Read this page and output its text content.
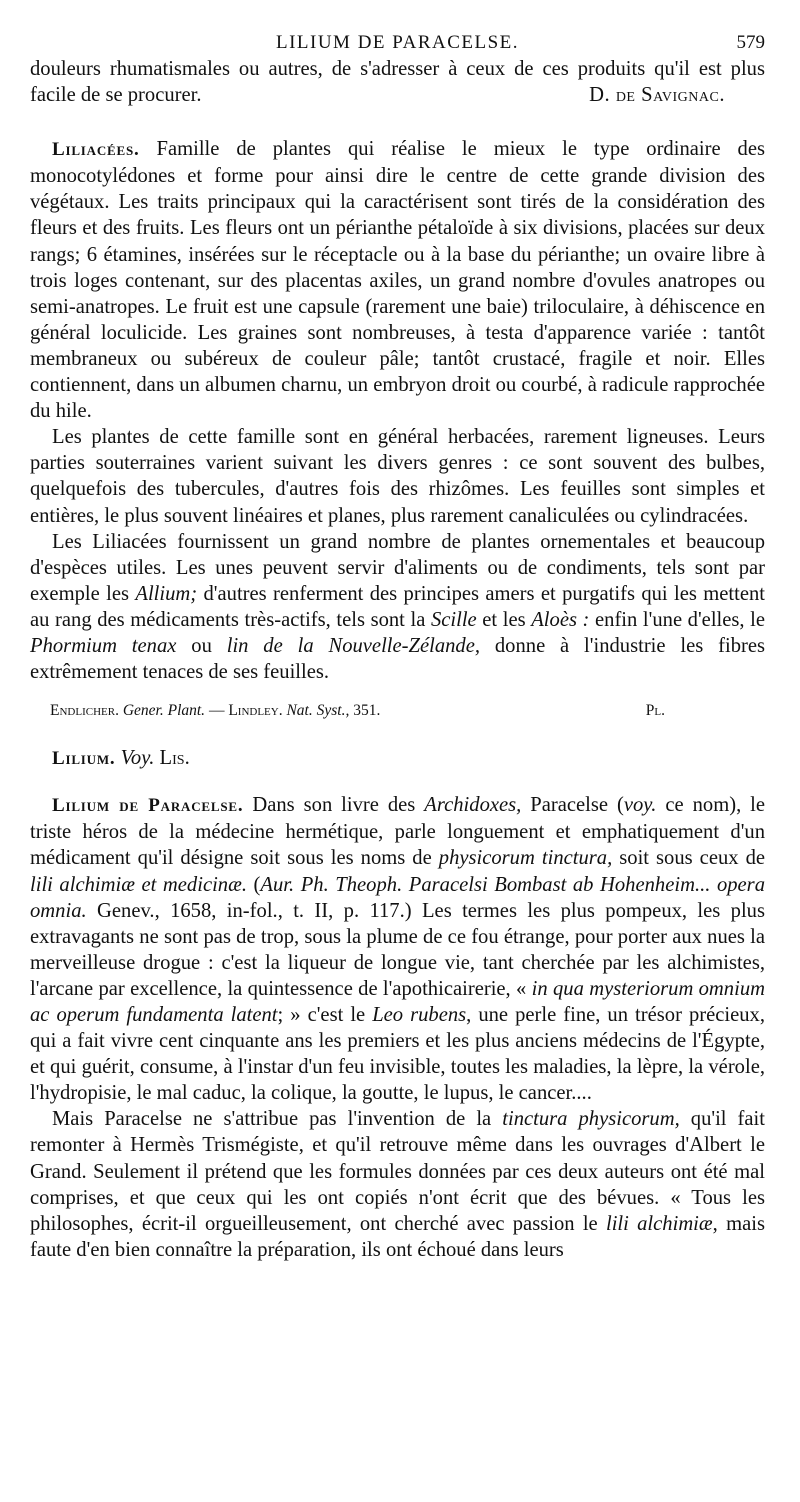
LILIUM DE PARACELSE.	579

douleurs rhumatismales ou autres, de s'adresser à ceux de ces produits qu'il est plus facile de se procurer.	D. de Savignac.

Liliacées. Famille de plantes qui réalise le mieux le type ordinaire des monocotylédones et forme pour ainsi dire le centre de cette grande division des végétaux. Les traits principaux qui la caractérisent sont tirés de la considération des fleurs et des fruits. Les fleurs ont un périanthe pétaloïde à six divisions, placées sur deux rangs; 6 étamines, insérées sur le réceptacle ou à la base du périanthe; un ovaire libre à trois loges contenant, sur des placentas axiles, un grand nombre d'ovules anatropes ou semi-anatropes. Le fruit est une capsule (rarement une baie) triloculaire, à déhiscence en général loculicide. Les graines sont nombreuses, à testa d'apparence variée : tantôt membraneux ou subéreux de couleur pâle; tantôt crustacé, fragile et noir. Elles contiennent, dans un albumen charnu, un embryon droit ou courbé, à radicule rapprochée du hile.

Les plantes de cette famille sont en général herbacées, rarement ligneuses. Leurs parties souterraines varient suivant les divers genres : ce sont souvent des bulbes, quelquefois des tubercules, d'autres fois des rhizômes. Les feuilles sont simples et entières, le plus souvent linéaires et planes, plus rarement canaliculées ou cylindracées.

Les Liliacées fournissent un grand nombre de plantes ornementales et beaucoup d'espèces utiles. Les unes peuvent servir d'aliments ou de condiments, tels sont par exemple les Allium; d'autres renferment des principes amers et purgatifs qui les mettent au rang des médicaments très-actifs, tels sont la Scille et les Aloès : enfin l'une d'elles, le Phormium tenax ou lin de la Nouvelle-Zélande, donne à l'industrie les fibres extrêmement tenaces de ses feuilles.

Endlicher. Gener. Plant. — Lindley. Nat. Syst., 351.	Pl.

Lilium. Voy. Lis.

Lilium de Paracelse. Dans son livre des Archidoxes, Paracelse (voy. ce nom), le triste héros de la médecine hermétique, parle longuement et emphatiquement d'un médicament qu'il désigne soit sous les noms de physicorum tinctura, soit sous ceux de lili alchimiæ et medicinæ. (Aur. Ph. Theoph. Paracelsi Bombast ab Hohenheim... opera omnia. Genev., 1658, in-fol., t. II, p. 117.) Les termes les plus pompeux, les plus extravagants ne sont pas de trop, sous la plume de ce fou étrange, pour porter aux nues la merveilleuse drogue : c'est la liqueur de longue vie, tant cherchée par les alchimistes, l'arcane par excellence, la quintessence de l'apothicairerie, « in qua mysteriorum omnium ac operum fundamenta latent; » c'est le Leo rubens, une perle fine, un trésor précieux, qui a fait vivre cent cinquante ans les premiers et les plus anciens médecins de l'Égypte, et qui guérit, consume, à l'instar d'un feu invisible, toutes les maladies, la lèpre, la vérole, l'hydropisie, le mal caduc, la colique, la goutte, le lupus, le cancer....

Mais Paracelse ne s'attribue pas l'invention de la tinctura physicorum, qu'il fait remonter à Hermès Trismégiste, et qu'il retrouve même dans les ouvrages d'Albert le Grand. Seulement il prétend que les formules données par ces deux auteurs ont été mal comprises, et que ceux qui les ont copiés n'ont écrit que des bévues. « Tous les philosophes, écrit-il orgueilleusement, ont cherché avec passion le lili alchimiæ, mais faute d'en bien connaître la préparation, ils ont échoué dans leurs
